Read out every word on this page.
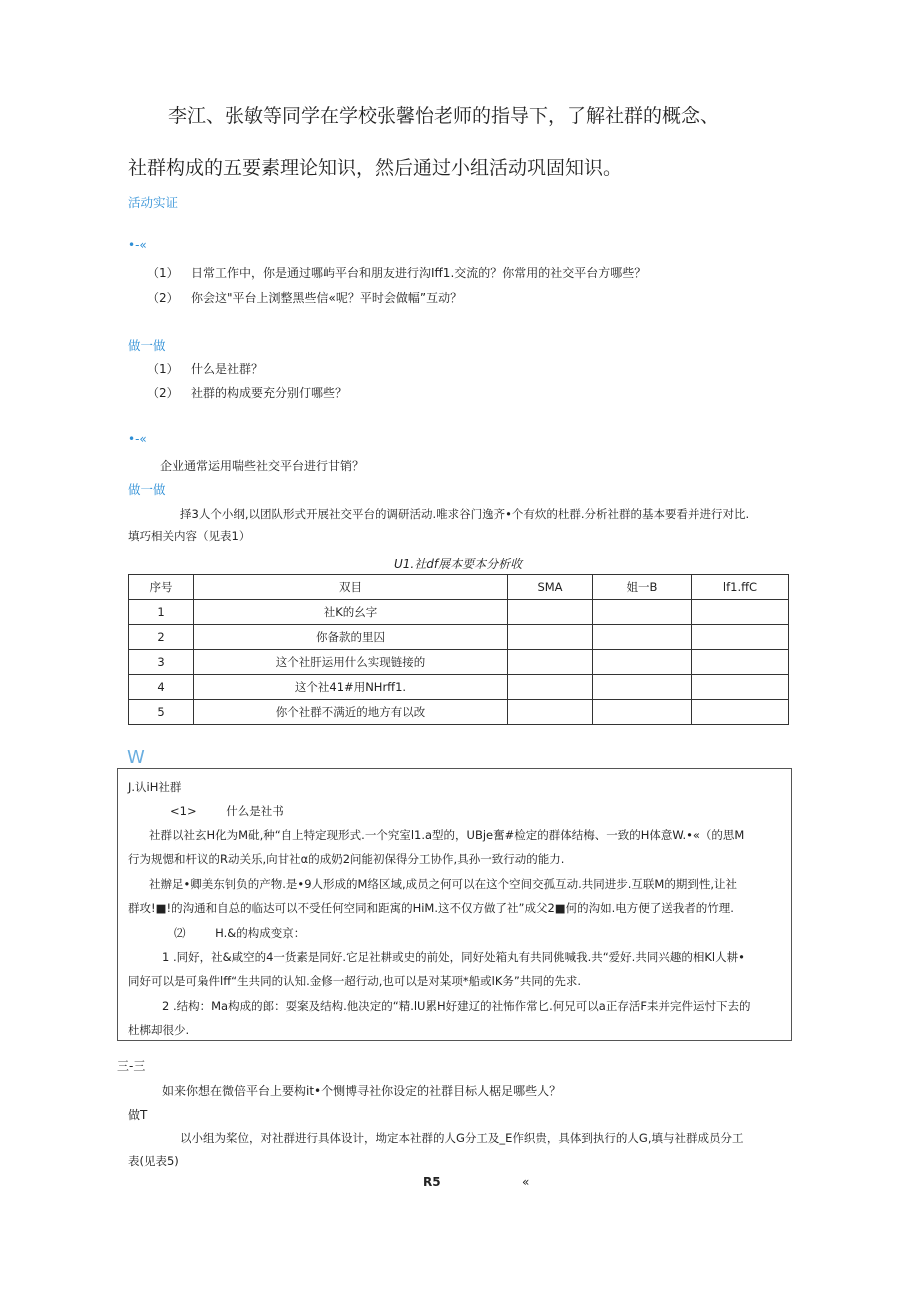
李江、张敏等同学在学校张馨怡老师的指导下，了解社群的概念、
社群构成的五要素理论知识，然后通过小组活动巩固知识。
活动实证
•-«
（1） 日常工作中，你是通过哪屿平台和朋友进行沟Iff1.交流的？你常用的社交平台方哪些？
（2） 你会这"平台上浏整黑些信«呢？平时会做幅”互动？
做一做
（1） 什么是社群？
（2） 社群的构成要充分别仃哪些？
•-«
企业通常运用喘些社交平台进行甘销？
做一做
择3人个小纲,以团队形式开展社交平台的调研活动.唯求谷门逸齐•个有炊的杜群.分析社群的基本要看并进行对比.
填巧相关内容（见表1）
U1.社df展本要本分析收
序号	双目	SMA	姐一B	lf1.ffC
1	社K的幺字			
2	你备款的里囚			
3	这个社肝运用什么实现链接的			
4	这个社41#用NHrff1.			
5	你个社群不满近的地方有以改			
W
J.认iH社群
<1>	什么是社书
社群以社玄H化为M砒,种“自上特定现形式.一个究室l1.a型的，UBje奮#检定的群体结梅、一致的H体意W.•«（的思M
行为规愢和杆议的R动关乐,向甘社α的成奶2问能初保得分工协作,具孙一致行动的能力.
社辦足•卿美东钊负的产物.是•9人形成的M络区域,成员之何可以在这个空间交孤互动.共同进步.互联M的期到性,让社
群攻!■!的沟通和自总的临达可以不受任何空同和距寓的HiM.这不仅方做了社”成父2■何的沟如.电方便了送我者的竹理.
⑵	H.&的构成变京：
1 .同好，社&咸空的4一货素是同好.它足社耕或史的前处，同好处箱丸有共同佻喊我.共“爱好.共同兴趣的相Kl人耕•
同好可以是可枭件lff“生共同的认知.金修一超行动,也可以是对某项*船或lK务”共同的先求.
2 .结构：Ma构成的郎：耍案及结构.他决定的“精.lU累H好建辽的社怖作常匕.何兄可以a正存活F耒并完件运忖下去的
杜梆却很少.
三-三
如来你想在微倍平台上要构it•个恻博寻社你设定的社群目标人椐足哪些人？
做T
以小组为桨位，对社群进行具体设计，坳定本社群的人G分工及_E作织贵，具体到执行的人G,填与社群成员分工
表(见表5)
R5	«
